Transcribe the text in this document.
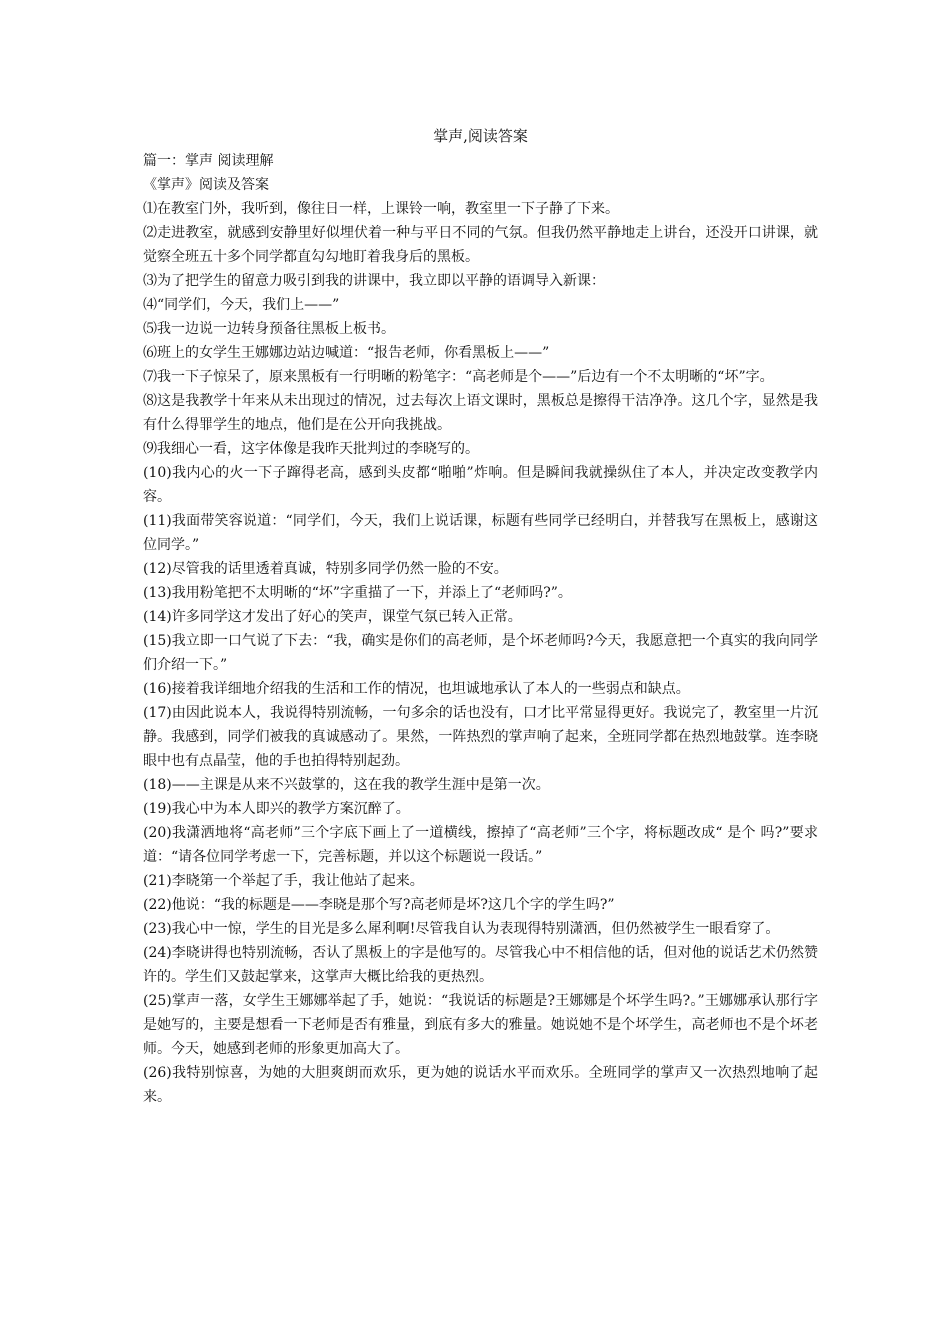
掌声,阅读答案

篇一：掌声 阅读理解

《掌声》阅读及答案

⑴在教室门外，我听到，像往日一样，上课铃一响，教室里一下子静了下来。

⑵走进教室，就感到安静里好似埋伏着一种与平日不同的气氛。但我仍然平静地走上讲台，还没开口讲课，就觉察全班五十多个同学都直勾勾地盯着我身后的黑板。

⑶为了把学生的留意力吸引到我的讲课中，我立即以平静的语调导入新课：

⑷“同学们，今天，我们上——”

⑸我一边说一边转身预备往黑板上板书。

⑹班上的女学生王娜娜边站边喊道：“报告老师，你看黑板上——”

⑺我一下子惊呆了，原来黑板有一行明晰的粉笔字：“高老师是个——”后边有一个不太明晰的“坏”字。

⑻这是我教学十年来从未出现过的情况，过去每次上语文课时，黑板总是擦得干洁净净。这几个字，显然是我有什么得罪学生的地点，他们是在公开向我挑战。

⑼我细心一看，这字体像是我昨天批判过的李晓写的。

(10)我内心的火一下子蹿得老高，感到头皮都“啪啪”炸响。但是瞬间我就操纵住了本人，并决定改变教学内容。

(11)我面带笑容说道：“同学们，今天，我们上说话课，标题有些同学已经明白，并替我写在黑板上，感谢这位同学。”

(12)尽管我的话里透着真诚，特别多同学仍然一脸的不安。

(13)我用粉笔把不太明晰的“坏”字重描了一下，并添上了“老师吗?”。

(14)许多同学这才发出了好心的笑声，课堂气氛已转入正常。

(15)我立即一口气说了下去：“我，确实是你们的高老师，是个坏老师吗?今天，我愿意把一个真实的我向同学们介绍一下。”

(16)接着我详细地介绍我的生活和工作的情况，也坦诚地承认了本人的一些弱点和缺点。

(17)由因此说本人，我说得特别流畅，一句多余的话也没有，口才比平常显得更好。我说完了，教室里一片沉静。我感到，同学们被我的真诚感动了。果然，一阵热烈的掌声响了起来，全班同学都在热烈地鼓掌。连李晓眼中也有点晶莹，他的手也拍得特别起劲。

(18)——主课是从来不兴鼓掌的，这在我的教学生涯中是第一次。

(19)我心中为本人即兴的教学方案沉醉了。

(20)我潇洒地将“高老师”三个字底下画上了一道横线，擦掉了“高老师”三个字，将标题改成“ 是个 吗?”要求道：“请各位同学考虑一下，完善标题，并以这个标题说一段话。”

(21)李晓第一个举起了手，我让他站了起来。

(22)他说：“我的标题是——李晓是那个写?高老师是坏?这几个字的学生吗?”

(23)我心中一惊，学生的目光是多么犀利啊!尽管我自认为表现得特别潇洒，但仍然被学生一眼看穿了。

(24)李晓讲得也特别流畅，否认了黑板上的字是他写的。尽管我心中不相信他的话，但对他的说话艺术仍然赞许的。学生们又鼓起掌来，这掌声大概比给我的更热烈。

(25)掌声一落，女学生王娜娜举起了手，她说：“我说话的标题是?王娜娜是个坏学生吗?。”王娜娜承认那行字是她写的，主要是想看一下老师是否有雅量，到底有多大的雅量。她说她不是个坏学生，高老师也不是个坏老师。今天，她感到老师的形象更加高大了。

(26)我特别惊喜，为她的大胆爽朗而欢乐，更为她的说话水平而欢乐。全班同学的掌声又一次热烈地响了起来。
